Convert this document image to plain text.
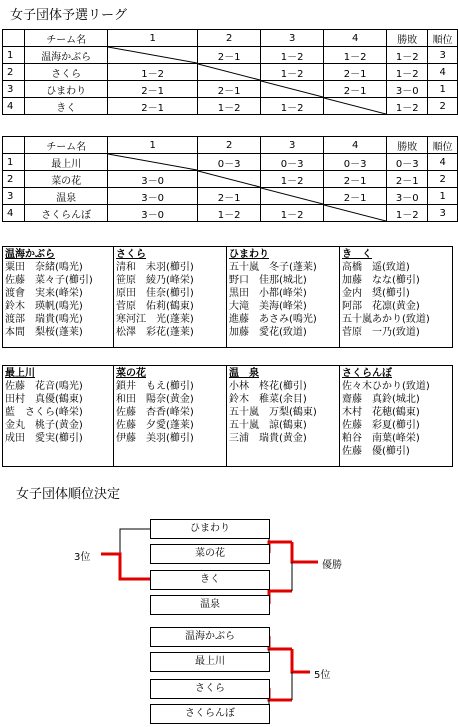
女子団体予選リーグ
	チーム名	1	2	3	4	勝敗	順位
1	温海かぶら		2－1	1－2	1－2	1－2	3
2	さくら	1－2		1－2	2－1	1－2	4
3	ひまわり	2－1	2－1		2－1	3－0	1
4	きく	2－1	1－2	1－2		1－2	2
	チーム名	1	2	3	4	勝敗	順位
1	最上川		0－3	0－3	0－3	0－3	4
2	菜の花	3－0		1－2	2－1	2－1	2
3	温泉	3－0	2－1		2－1	3－0	1
4	さくらんぼ	3－0	1－2	1－2		1－2	3
温海かぶら
粟田　奈緒(鳴光)
佐藤　菜々子(櫛引)
渡會　実来(峰栄)
鈴木　瑛帆(鳴光)
渡部　瑞貴(鳴光)
本間　梨桜(蓬莱)

さくら
清和　未羽(櫛引)
笹原　綾乃(峰栄)
原田　佳奈(櫛引)
菅原　佑莉(鶴東)
寒河江　光(蓬莱)
松澤　彩花(蓬莱)

ひまわり
五十嵐　冬子(蓬莱)
野口　佳那(城北)
黒田　小都(峰栄)
大滝　美海(峰栄)
進藤　あさみ(鳴光)
加藤　愛花(致道)

き　く
高橋　遥(致道)
加藤　なな(櫛引)
金内　奨(櫛引)
阿部　花凛(黄金)
五十嵐あかり(致道)
菅原　一乃(致道)
最上川
佐藤　花音(鳴光)
田村　真優(鶴東)
藍　さくら(峰栄)
金丸　桃子(黄金)
成田　愛実(櫛引)

菜の花
鎖井　もえ(櫛引)
和田　陽奈(黄金)
佐藤　杏香(峰栄)
佐藤　夕愛(蓬莱)
伊藤　美羽(櫛引)

温　泉
小林　柊花(櫛引)
鈴木　稚菜(余目)
五十嵐　万梨(鶴東)
五十嵐　諒(鶴東)
三浦　瑞貴(黄金)

さくらんぼ
佐々木ひかり(致道)
齋藤　真鈴(城北)
木村　花穂(鶴東)
佐藤　彩夏(櫛引)
粕谷　南葉(峰栄)
佐藤　優(櫛引)
女子団体順位決定
ひまわり
菜の花
きく
温泉
温海かぶら
最上川
さくら
さくらんぼ
3位
優勝
5位
